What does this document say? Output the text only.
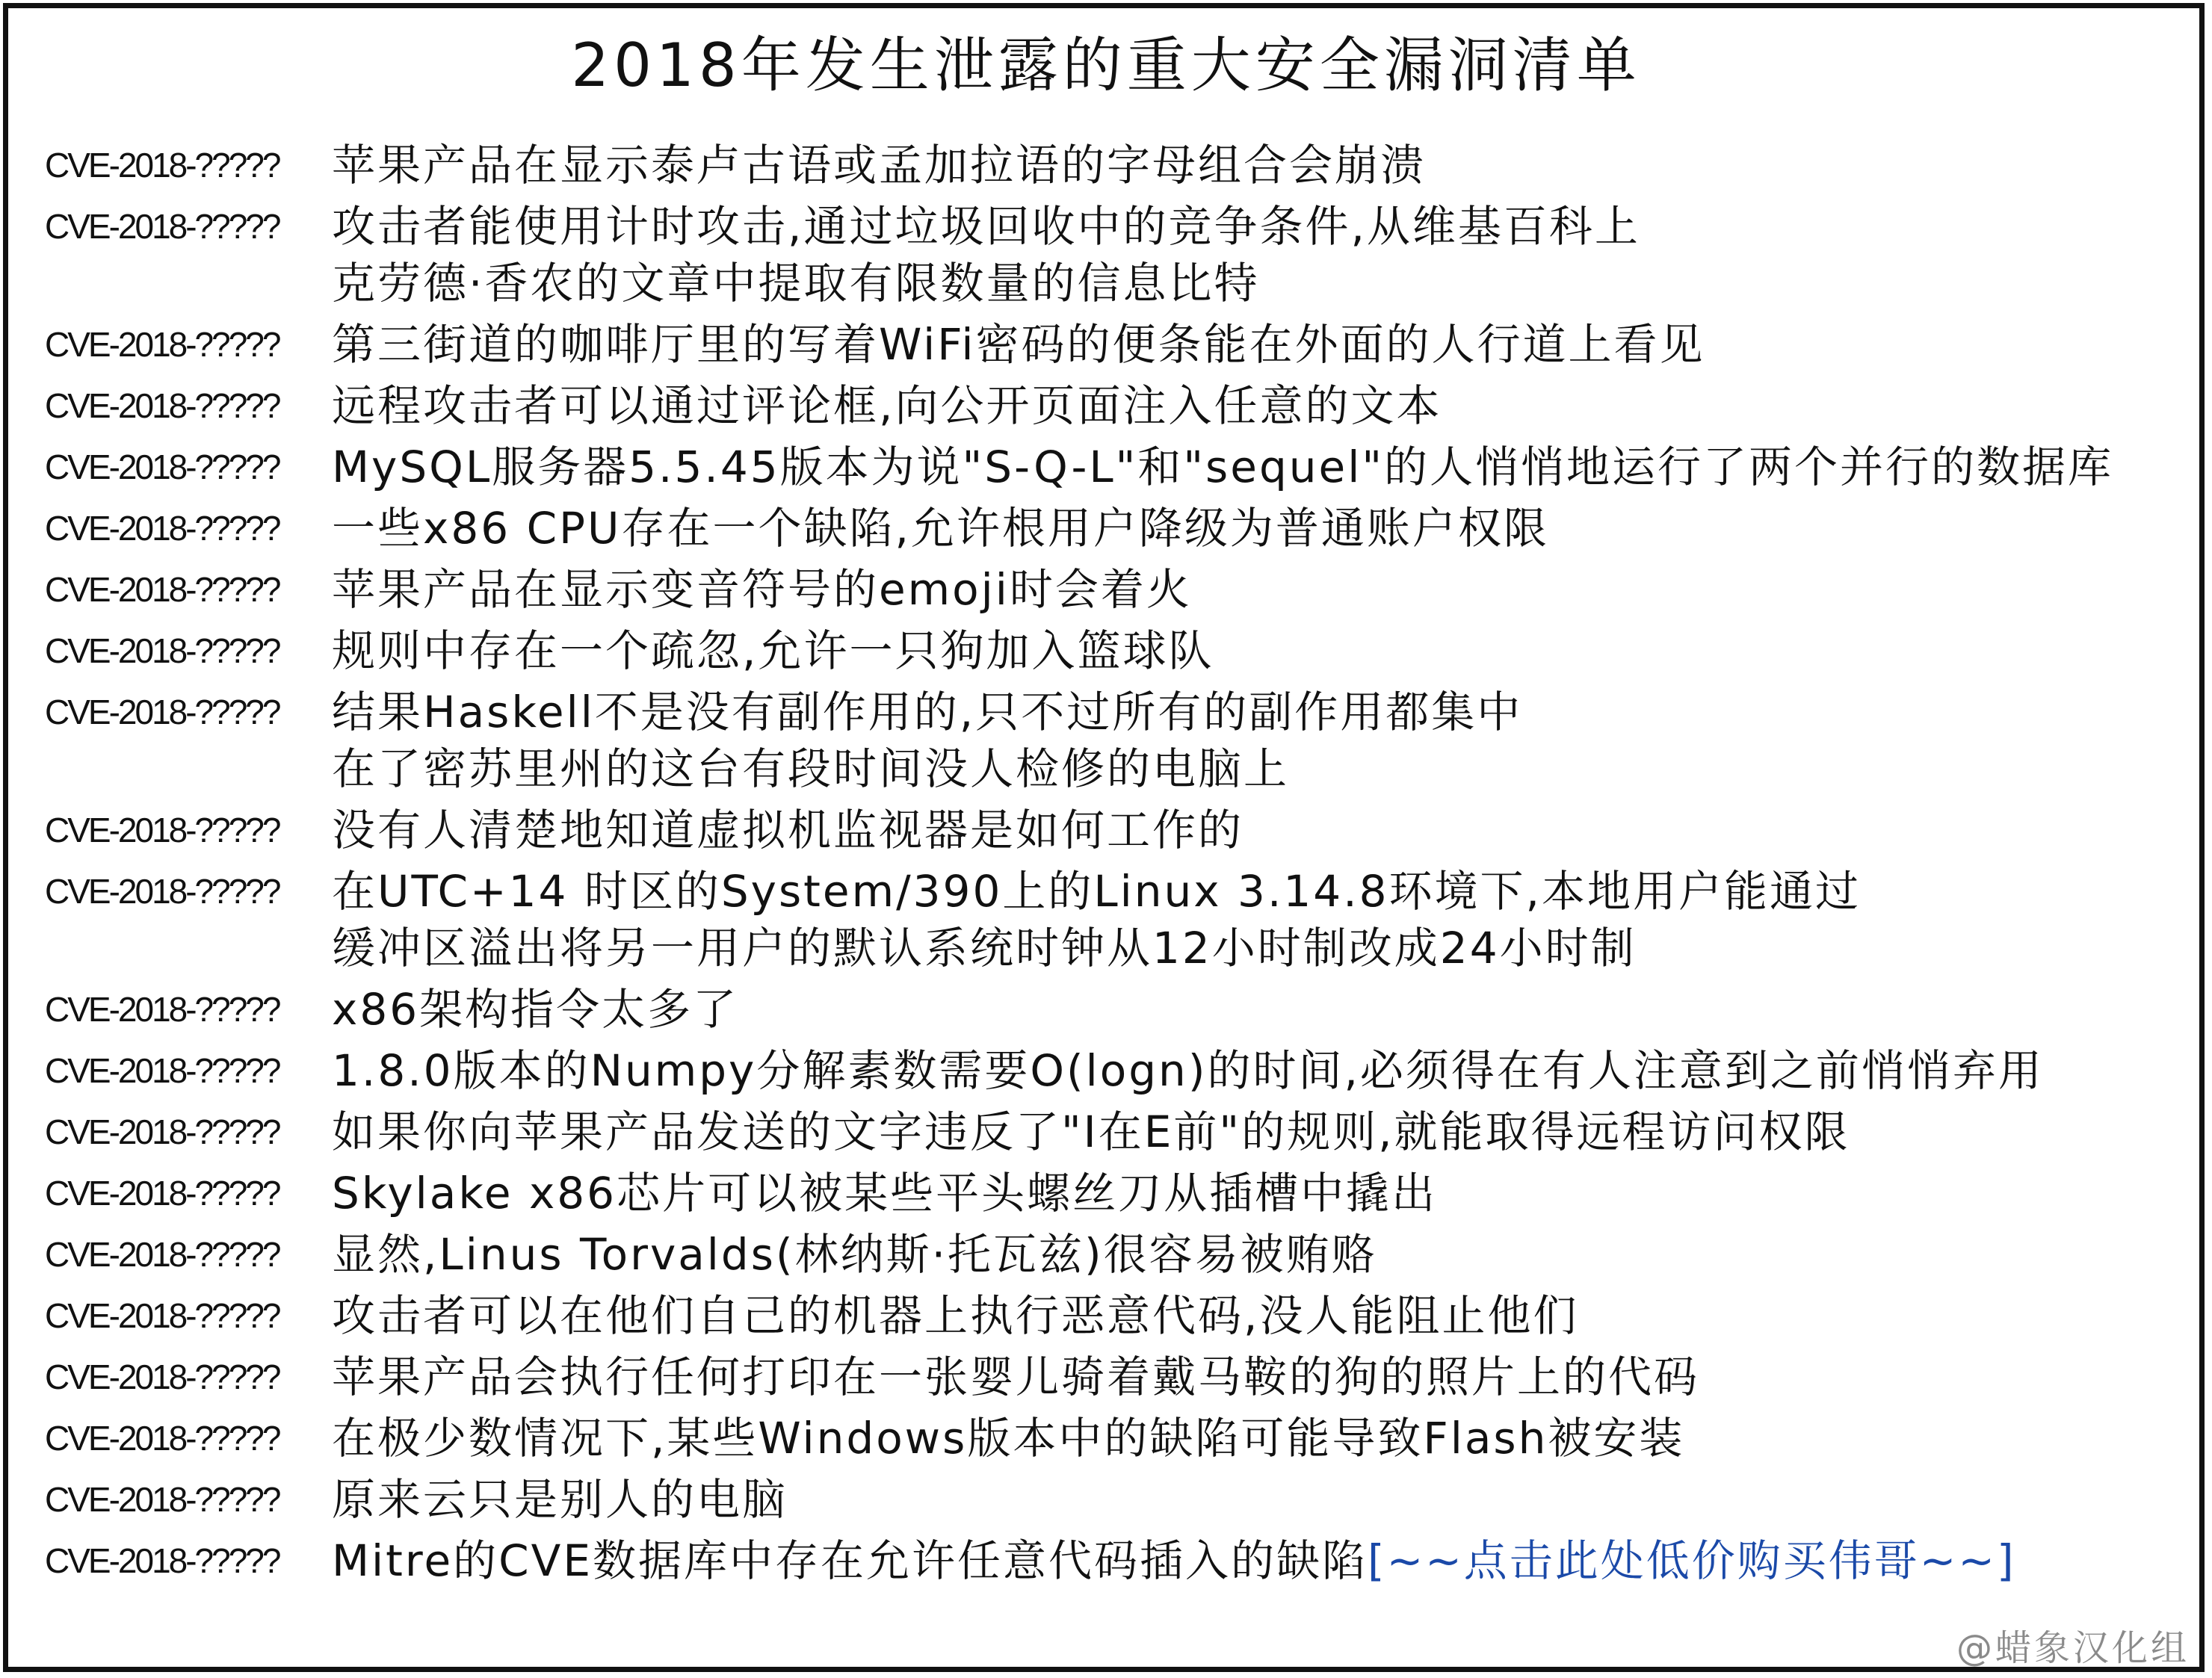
2018年发生泄露的重大安全漏洞清单
CVE-2018-?????	苹果产品在显示泰卢古语或孟加拉语的字母组合会崩溃
CVE-2018-?????	攻击者能使用计时攻击,通过垃圾回收中的竞争条件,从维基百科上
克劳德·香农的文章中提取有限数量的信息比特
CVE-2018-?????	第三街道的咖啡厅里的写着WiFi密码的便条能在外面的人行道上看见
CVE-2018-?????	远程攻击者可以通过评论框,向公开页面注入任意的文本
CVE-2018-?????	MySQL服务器5.5.45版本为说"S-Q-L"和"sequel"的人悄悄地运行了两个并行的数据库
CVE-2018-?????	一些x86 CPU存在一个缺陷,允许根用户降级为普通账户权限
CVE-2018-?????	苹果产品在显示变音符号的emoji时会着火
CVE-2018-?????	规则中存在一个疏忽,允许一只狗加入篮球队
CVE-2018-?????	结果Haskell不是没有副作用的,只不过所有的副作用都集中
在了密苏里州的这台有段时间没人检修的电脑上
CVE-2018-?????	没有人清楚地知道虚拟机监视器是如何工作的
CVE-2018-?????	在UTC+14 时区的System/390上的Linux 3.14.8环境下,本地用户能通过
缓冲区溢出将另一用户的默认系统时钟从12小时制改成24小时制
CVE-2018-?????	x86架构指令太多了
CVE-2018-?????	1.8.0版本的Numpy分解素数需要O(logn)的时间,必须得在有人注意到之前悄悄弃用
CVE-2018-?????	如果你向苹果产品发送的文字违反了"I在E前"的规则,就能取得远程访问权限
CVE-2018-?????	Skylake x86芯片可以被某些平头螺丝刀从插槽中撬出
CVE-2018-?????	显然,Linus Torvalds(林纳斯·托瓦兹)很容易被贿赂
CVE-2018-?????	攻击者可以在他们自己的机器上执行恶意代码,没人能阻止他们
CVE-2018-?????	苹果产品会执行任何打印在一张婴儿骑着戴马鞍的狗的照片上的代码
CVE-2018-?????	在极少数情况下,某些Windows版本中的缺陷可能导致Flash被安装
CVE-2018-?????	原来云只是别人的电脑
CVE-2018-?????	Mitre的CVE数据库中存在允许任意代码插入的缺陷[~~点击此处低价购买伟哥~~]
@蜡象汉化组
